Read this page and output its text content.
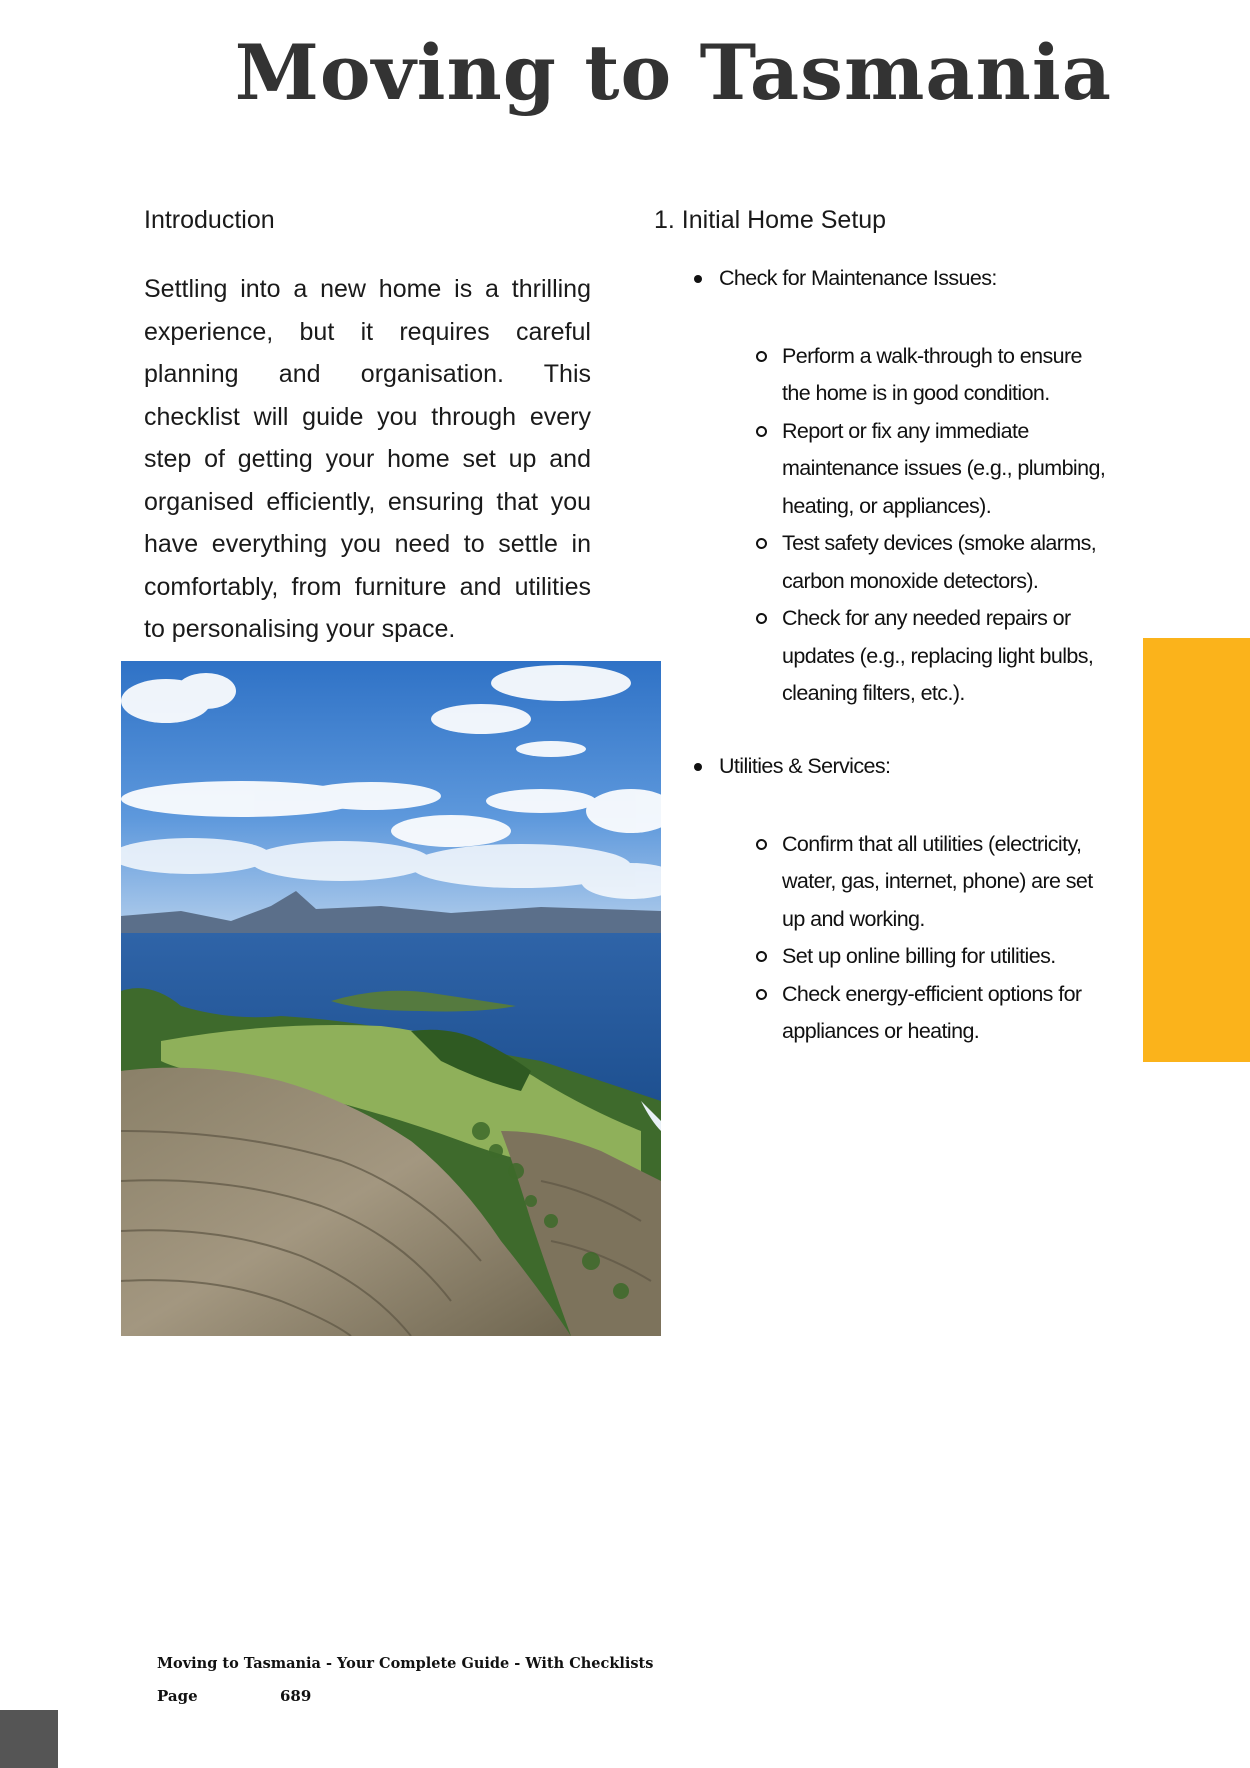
Moving to Tasmania
Introduction

Settling into a new home is a thrilling experience, but it requires careful planning and organisation. This checklist will guide you through every step of getting your home set up and organised efficiently, ensuring that you have everything you need to settle in comfortably, from furniture and utilities to personalising your space.

1. Initial Home Setup
Check for Maintenance Issues:
Perform a walk-through to ensure the home is in good condition.
Report or fix any immediate maintenance issues (e.g., plumbing, heating, or appliances).
Test safety devices (smoke alarms, carbon monoxide detectors).
Check for any needed repairs or updates (e.g., replacing light bulbs, cleaning filters, etc.).
Utilities & Services:
Confirm that all utilities (electricity, water, gas, internet, phone) are set up and working.
Set up online billing for utilities.
Check energy-efficient options for appliances or heating.
Moving to Tasmania - Your Complete Guide - With Checklists
Page	689
